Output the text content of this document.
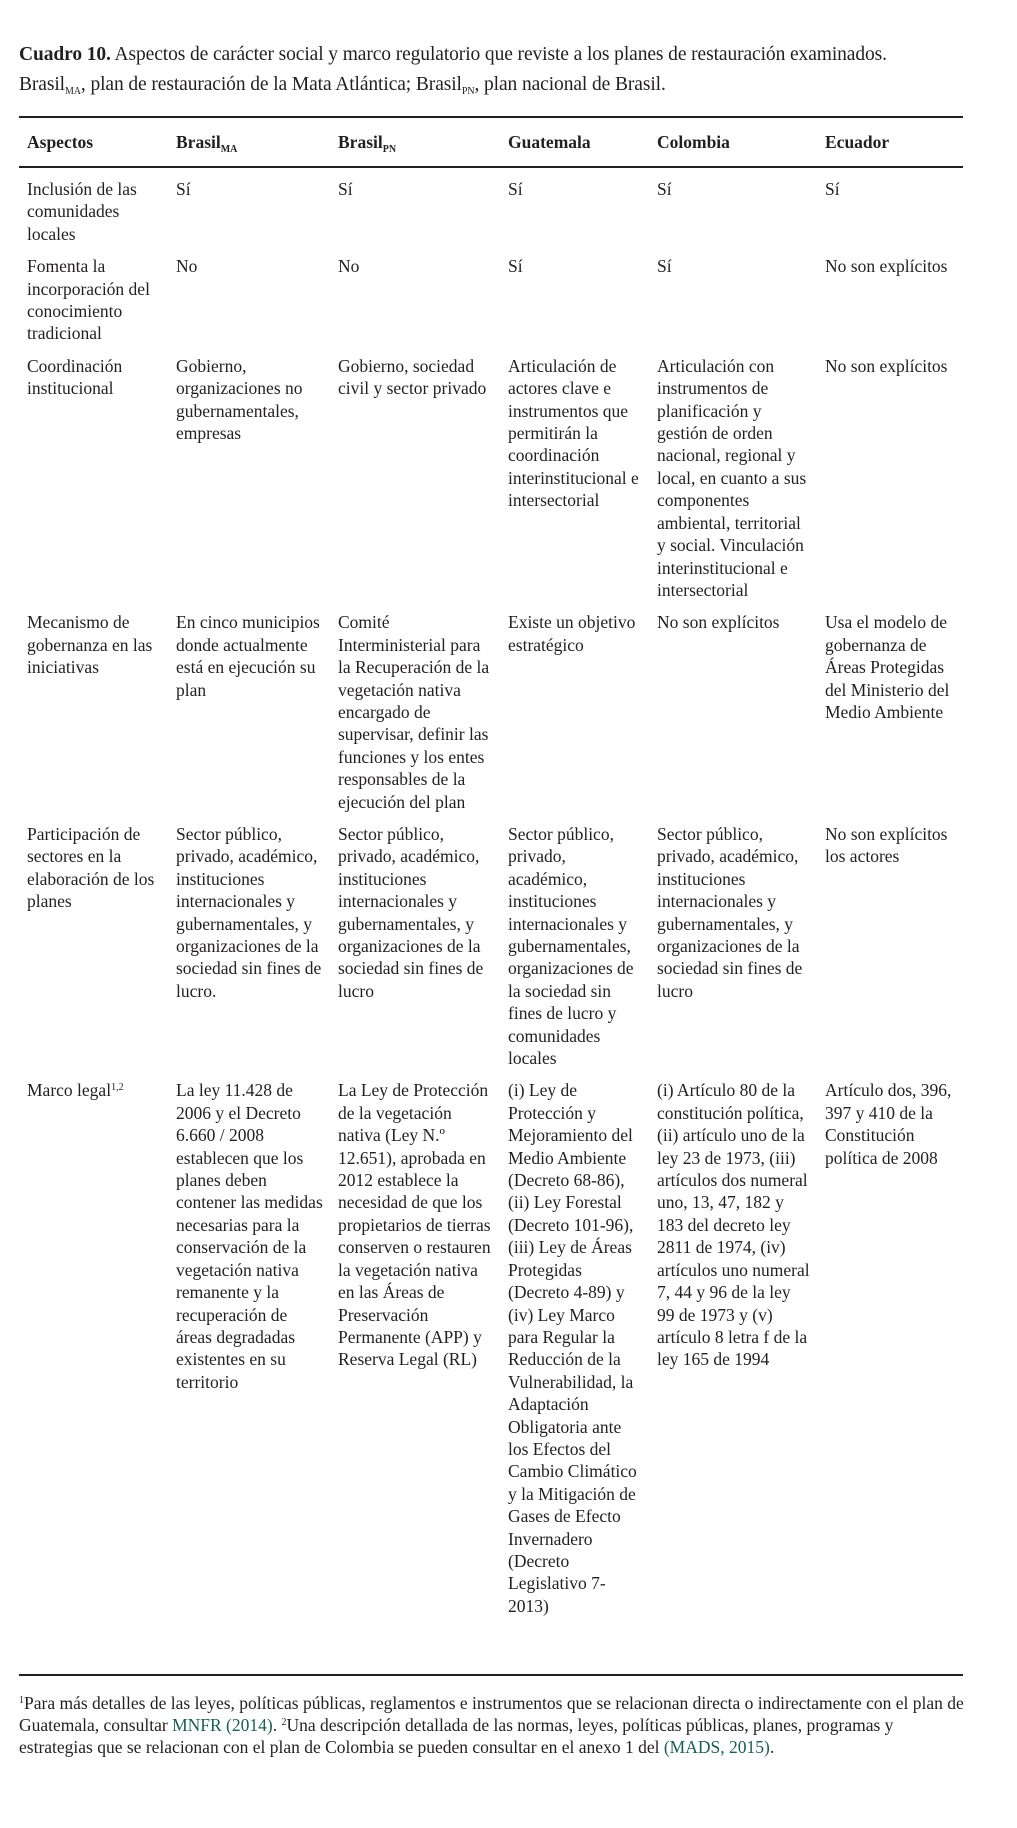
Cuadro 10. Aspectos de carácter social y marco regulatorio que reviste a los planes de restauración examinados.
Brasil$_{MA}$, plan de restauración de la Mata Atlántica; Brasil$_{PN}$, plan nacional de Brasil.
Aspectos	Brasil$_{MA}$	Brasil$_{PN}$	Guatemala	Colombia	Ecuador
Inclusión de las comunidades locales	Sí	Sí	Sí	Sí	Sí
Fomenta la incorporación del conocimiento tradicional	No	No	Sí	Sí	No son explícitos
Coordinación institucional	Gobierno, organizaciones no gubernamentales, empresas	Gobierno, sociedad civil y sector privado	Articulación de actores clave e instrumentos que permitirán la coordinación interinstitucional e intersectorial	Articulación con instrumentos de planificación y gestión de orden nacional, regional y local, en cuanto a sus componentes ambiental, territorial y social. Vinculación interinstitucional e intersectorial	No son explícitos
Mecanismo de gobernanza en las iniciativas	En cinco municipios donde actualmente está en ejecución su plan	Comité Interministerial para la Recuperación de la vegetación nativa encargado de supervisar, definir las funciones y los entes responsables de la ejecución del plan	Existe un objetivo estratégico	No son explícitos	Usa el modelo de gobernanza de Áreas Protegidas del Ministerio del Medio Ambiente
Participación de sectores en la elaboración de los planes	Sector público, privado, académico, instituciones internacionales y gubernamentales, y organizaciones de la sociedad sin fines de lucro.	Sector público, privado, académico, instituciones internacionales y gubernamentales, y organizaciones de la sociedad sin fines de lucro	Sector público, privado, académico, instituciones internacionales y gubernamentales, organizaciones de la sociedad sin fines de lucro y comunidades locales	Sector público, privado, académico, instituciones internacionales y gubernamentales, y organizaciones de la sociedad sin fines de lucro	No son explícitos los actores
Marco legal$^{1,2}$	La ley 11.428 de 2006 y el Decreto 6.660 / 2008 establecen que los planes deben contener las medidas necesarias para la conservación de la vegetación nativa remanente y la recuperación de áreas degradadas existentes en su territorio	La Ley de Protección de la vegetación nativa (Ley N.º 12.651), aprobada en 2012 establece la necesidad de que los propietarios de tierras conserven o restauren la vegetación nativa en las Áreas de Preservación Permanente (APP) y Reserva Legal (RL)	(i) Ley de Protección y Mejoramiento del Medio Ambiente (Decreto 68-86), (ii) Ley Forestal (Decreto 101-96), (iii) Ley de Áreas Protegidas (Decreto 4-89) y (iv) Ley Marco para Regular la Reducción de la Vulnerabilidad, la Adaptación Obligatoria ante los Efectos del Cambio Climático y la Mitigación de Gases de Efecto Invernadero (Decreto Legislativo 7-2013)	(i) Artículo 80 de la constitución política, (ii) artículo uno de la ley 23 de 1973, (iii) artículos dos numeral uno, 13, 47, 182 y 183 del decreto ley 2811 de 1974, (iv) artículos uno numeral 7, 44 y 96 de la ley 99 de 1973 y (v) artículo 8 letra f de la ley 165 de 1994	Artículo dos, 396, 397 y 410 de la Constitución política de 2008
$^1$Para más detalles de las leyes, políticas públicas, reglamentos e instrumentos que se relacionan directa o indirectamente con el plan de Guatemala, consultar MNFR (2014). $^2$Una descripción detallada de las normas, leyes, políticas públicas, planes, programas y estrategias que se relacionan con el plan de Colombia se pueden consultar en el anexo 1 del (MADS, 2015).
